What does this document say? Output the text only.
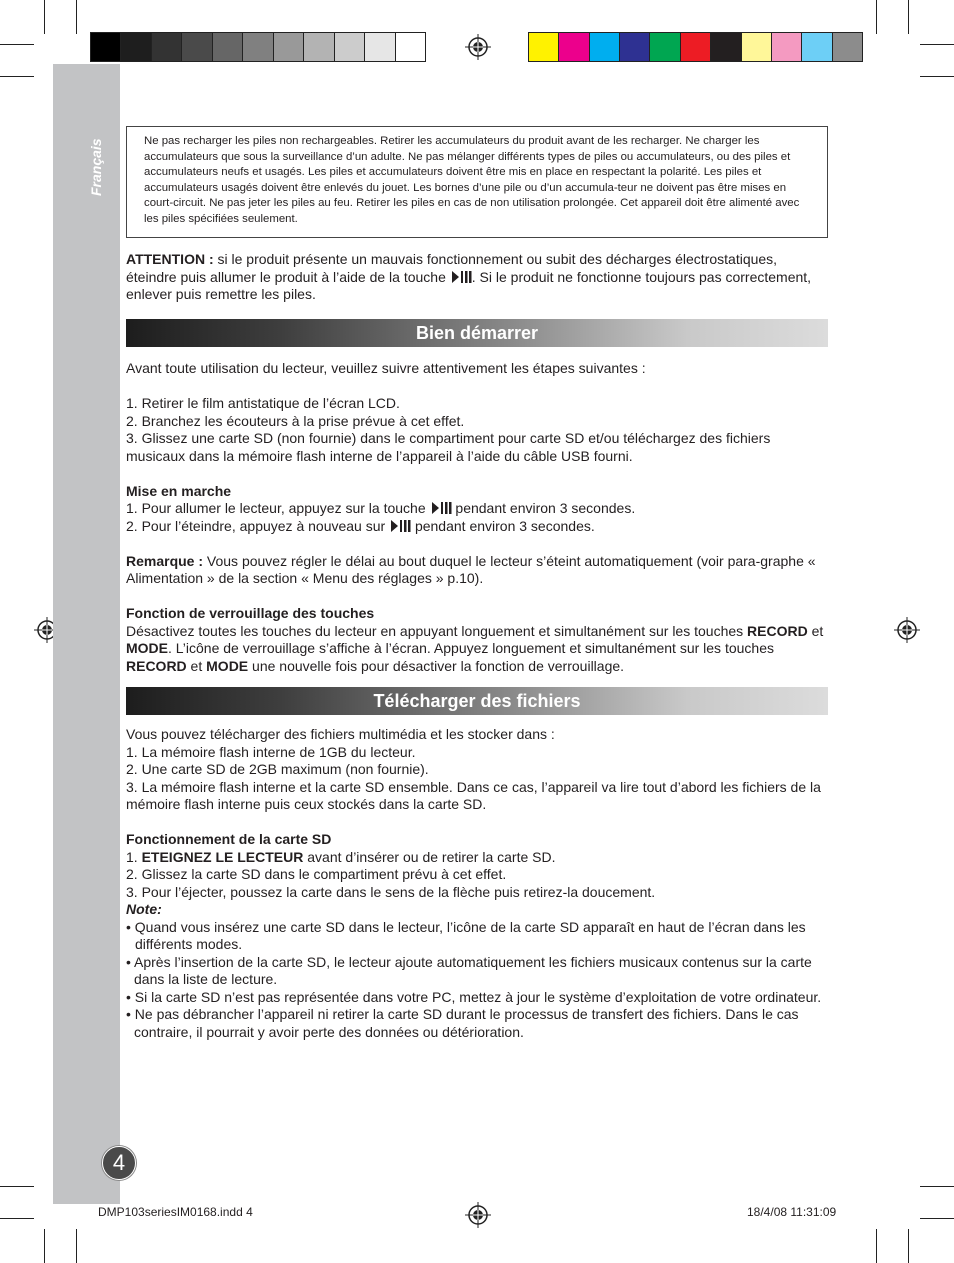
Français	Ne pas recharger les piles non rechargeables. Retirer les accumulateurs du produit avant de les recharger. Ne charger les accumulateurs que sous la surveillance d’un adulte. Ne pas mélanger différents types de piles ou accumulateurs, ou des piles et accumulateurs neufs et usagés. Les piles et accumulateurs doivent être mis en place en respectant la polarité. Les piles et accumulateurs usagés doivent être enlevés du jouet. Les bornes d’une pile ou d’un accumula-teur ne doivent pas être mises en court-circuit. Ne pas jeter les piles au feu. Retirer les piles en cas de non utilisation prolongée. Cet appareil doit être alimenté avec les piles spécifiées seulement.

ATTENTION : si le produit présente un mauvais fonctionnement ou subit des décharges électrostatiques, éteindre puis allumer le produit à l’aide de la touche . Si le produit ne fonctionne toujours pas correctement, enlever puis remettre les piles.

Bien démarrer

Avant toute utilisation du lecteur, veuillez suivre attentivement les étapes suivantes :

1. Retirer le film antistatique de l’écran LCD.

2. Branchez les écouteurs à la prise prévue à cet effet.

3. Glissez une carte SD (non fournie) dans le compartiment pour carte SD et/ou téléchargez des fichiers musicaux dans la mémoire flash interne de l’appareil à l’aide du câble USB fourni.

Mise en marche

1. Pour allumer le lecteur, appuyez sur la touche  pendant environ 3 secondes.

2. Pour l’éteindre, appuyez à nouveau sur  pendant environ 3 secondes.

Remarque : Vous pouvez régler le délai au bout duquel le lecteur s’éteint automatiquement (voir para-graphe « Alimentation » de la section « Menu des réglages » p.10).

Fonction de verrouillage des touches

Désactivez toutes les touches du lecteur en appuyant longuement et simultanément sur les touches RECORD et MODE. L’icône de verrouillage s’affiche à l’écran. Appuyez longuement et simultanément sur les touches RECORD et MODE une nouvelle fois pour désactiver la fonction de verrouillage.

Télécharger des fichiers

Vous pouvez télécharger des fichiers multimédia et les stocker dans :

1. La mémoire flash interne de 1GB du lecteur.

2. Une carte SD de 2GB maximum (non fournie).

3. La mémoire flash interne et la carte SD ensemble. Dans ce cas, l’appareil va lire tout d’abord les fichiers de la mémoire flash interne puis ceux stockés dans la carte SD.

Fonctionnement de la carte SD

1. ETEIGNEZ LE LECTEUR avant d’insérer ou de retirer la carte SD.

2. Glissez la carte SD dans le compartiment prévu à cet effet.

3. Pour l’éjecter, poussez la carte dans le sens de la flèche puis retirez-la doucement.

Note:

• Quand vous insérez une carte SD dans le lecteur, l’icône de la carte SD apparaît en haut de l’écran dans les différents modes.

• Après l’insertion de la carte SD, le lecteur ajoute automatiquement les fichiers musicaux contenus sur la carte dans la liste de lecture.

• Si la carte SD n’est pas représentée dans votre PC, mettez à jour le système d’exploitation de votre ordinateur.

• Ne pas débrancher l’appareil ni retirer la carte SD durant le processus de transfert des fichiers. Dans le cas contraire, il pourrait y avoir perte des données ou détérioration.

4
DMP103seriesIM0168.indd 4	18/4/08 11:31:09
